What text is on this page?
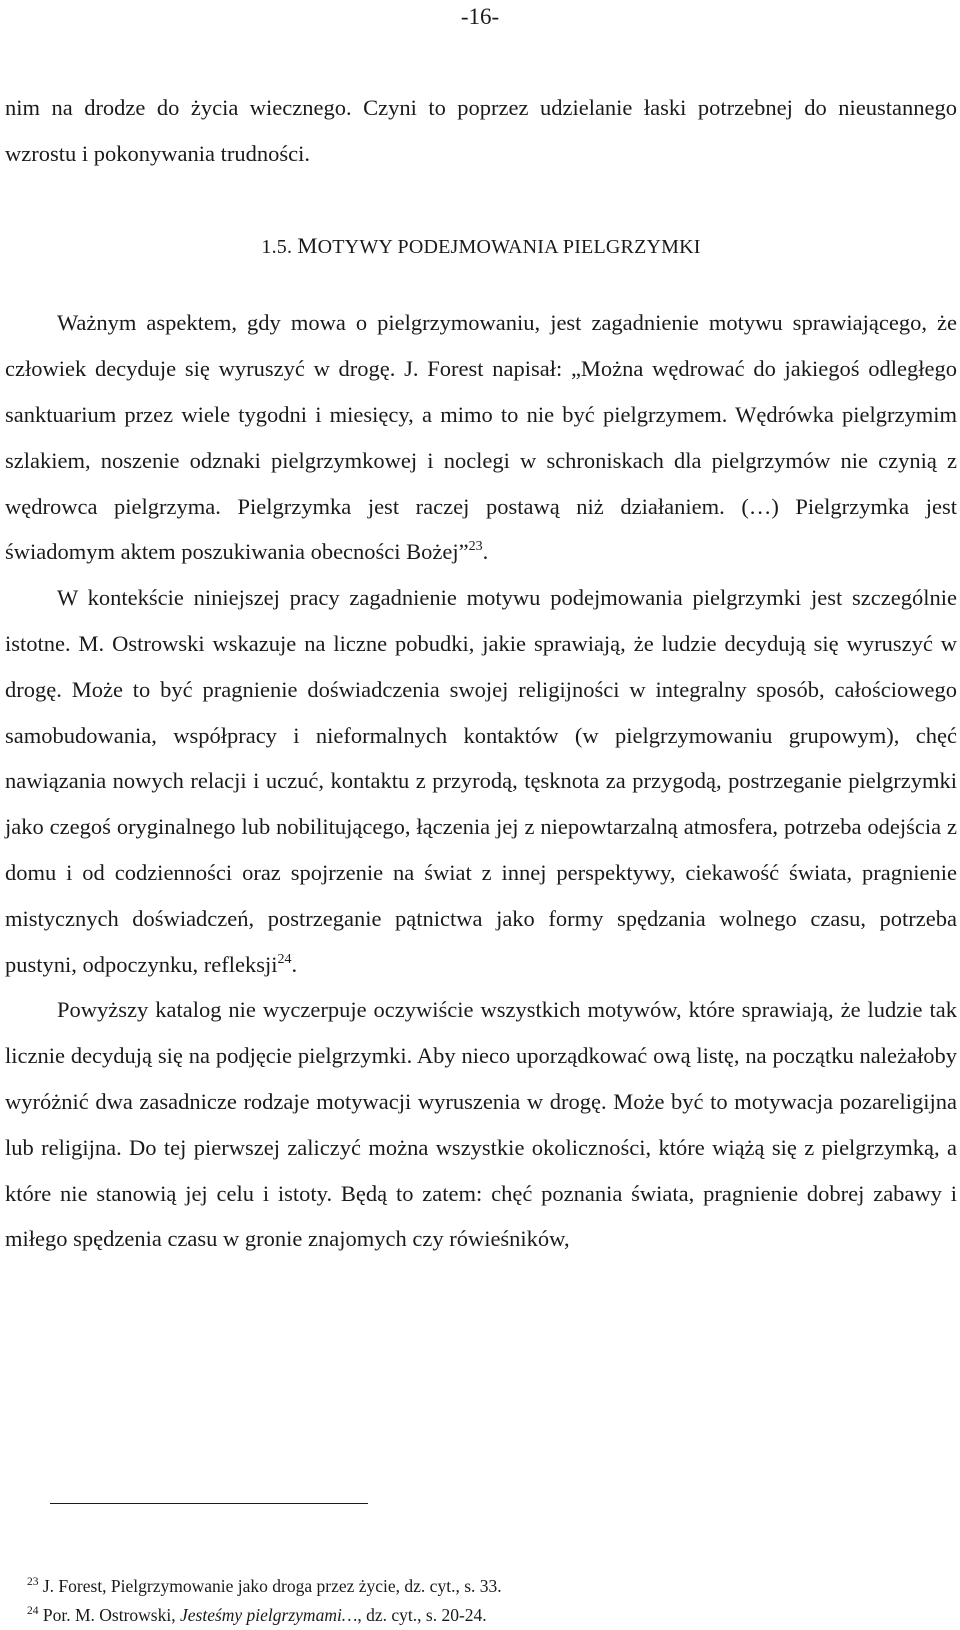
-16-

nim na drodze do życia wiecznego. Czyni to poprzez udzielanie łaski potrzebnej do nieustannego wzrostu i pokonywania trudności.

1.5. MOTYWY PODEJMOWANIA PIELGRZYMKI

Ważnym aspektem, gdy mowa o pielgrzymowaniu, jest zagadnienie motywu sprawiającego, że człowiek decyduje się wyruszyć w drogę. J. Forest napisał: „Można wędrować do jakiegoś odległego sanktuarium przez wiele tygodni i miesięcy, a mimo to nie być pielgrzymem. Wędrówka pielgrzymim szlakiem, noszenie odznaki pielgrzymkowej i noclegi w schroniskach dla pielgrzymów nie czynią z wędrowca pielgrzyma. Pielgrzymka jest raczej postawą niż działaniem. (…) Pielgrzymka jest świadomym aktem poszukiwania obecności Bożej”$^{23}$.

W kontekście niniejszej pracy zagadnienie motywu podejmowania pielgrzymki jest szczególnie istotne. M. Ostrowski wskazuje na liczne pobudki, jakie sprawiają, że ludzie decydują się wyruszyć w drogę. Może to być pragnienie doświadczenia swojej religijności w integralny sposób, całościowego samobudowania, współpracy i nieformalnych kontaktów (w pielgrzymowaniu grupowym), chęć nawiązania nowych relacji i uczuć, kontaktu z przyrodą, tęsknota za przygodą, postrzeganie pielgrzymki jako czegoś oryginalnego lub nobilitującego, łączenia jej z niepowtarzalną atmosfera, potrzeba odejścia z domu i od codzienności oraz spojrzenie na świat z innej perspektywy, ciekawość świata, pragnienie mistycznych doświadczeń, postrzeganie pątnictwa jako formy spędzania wolnego czasu, potrzeba pustyni, odpoczynku, refleksji$^{24}$.

Powyższy katalog nie wyczerpuje oczywiście wszystkich motywów, które sprawiają, że ludzie tak licznie decydują się na podjęcie pielgrzymki. Aby nieco uporządkować ową listę, na początku należałoby wyróżnić dwa zasadnicze rodzaje motywacji wyruszenia w drogę. Może być to motywacja pozareligijna lub religijna. Do tej pierwszej zaliczyć można wszystkie okoliczności, które wiążą się z pielgrzymką, a które nie stanowią jej celu i istoty. Będą to zatem: chęć poznania świata, pragnienie dobrej zabawy i miłego spędzenia czasu w gronie znajomych czy rówieśników,

$^{23}$ J. Forest, Pielgrzymowanie jako droga przez życie, dz. cyt., s. 33.
$^{24}$ Por. M. Ostrowski, Jesteśmy pielgrzymami…, dz. cyt., s. 20-24.
